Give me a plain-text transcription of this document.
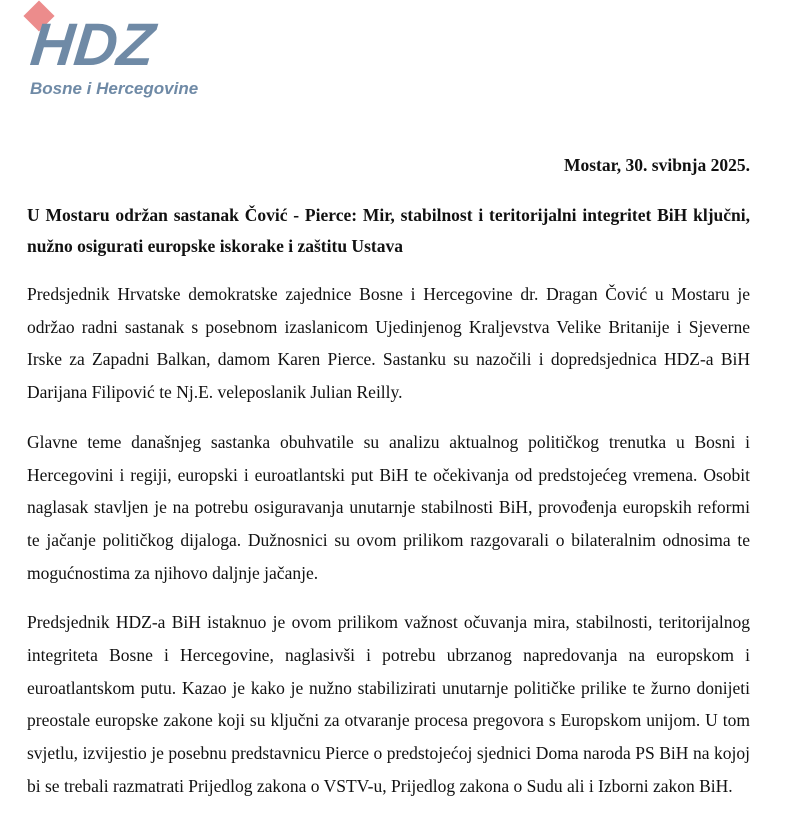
HDZ
Bosne i Hercegovine
Mostar, 30. svibnja 2025.
U Mostaru održan sastanak Čović - Pierce: Mir, stabilnost i teritorijalni integritet BiH ključni, nužno osigurati europske iskorake i zaštitu Ustava

Predsjednik Hrvatske demokratske zajednice Bosne i Hercegovine dr. Dragan Čović u Mostaru je održao radni sastanak s posebnom izaslanicom Ujedinjenog Kraljevstva Velike Britanije i Sjeverne Irske za Zapadni Balkan, damom Karen Pierce. Sastanku su nazočili i dopredsjednica HDZ-a BiH Darijana Filipović te Nj.E. veleposlanik Julian Reilly.

Glavne teme današnjeg sastanka obuhvatile su analizu aktualnog političkog trenutka u Bosni i Hercegovini i regiji, europski i euroatlantski put BiH te očekivanja od predstojećeg vremena. Osobit naglasak stavljen je na potrebu osiguravanja unutarnje stabilnosti BiH, provođenja europskih reformi te jačanje političkog dijaloga. Dužnosnici su ovom prilikom razgovarali o bilateralnim odnosima te mogućnostima za njihovo daljnje jačanje.

Predsjednik HDZ-a BiH istaknuo je ovom prilikom važnost očuvanja mira, stabilnosti, teritorijalnog integriteta Bosne i Hercegovine, naglasivši i potrebu ubrzanog napredovanja na europskom i euroatlantskom putu. Kazao je kako je nužno stabilizirati unutarnje političke prilike te žurno donijeti preostale europske zakone koji su ključni za otvaranje procesa pregovora s Europskom unijom. U tom svjetlu, izvijestio je posebnu predstavnicu Pierce o predstojećoj sjednici Doma naroda PS BiH na kojoj bi se trebali razmatrati Prijedlog zakona o VSTV-u, Prijedlog zakona o Sudu ali i Izborni zakon BiH.
